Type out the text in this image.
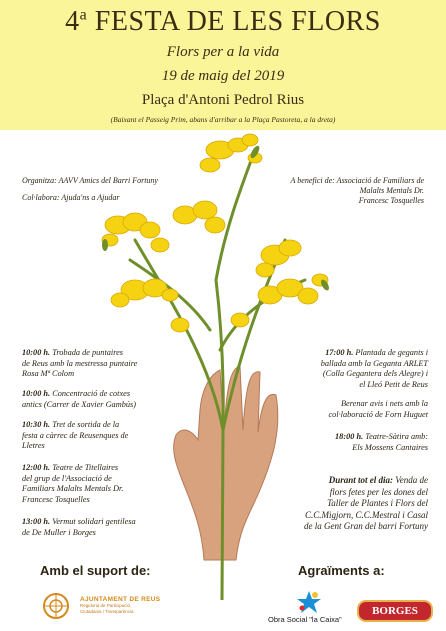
4$^a$ FESTA DE LES FLORS
Flors per a la vida
19 de maig del 2019
Plaça d'Antoni Pedrol Rius
(Baixant el Passeig Prim, abans d'arribar a la Plaça Pastoreta, a la dreta)
Organitza: AAVV Amics del Barri Fortuny
Col·labora: Ajuda'ns a Ajudar
A benefici de: Associació de Familiars de
Malalts Mentals Dr.
Francesc Tosquelles
10:00 h. Trobada de puntaires
de Reus amb la mestressa puntaire
Rosa Mª Colom
10:00 h. Concentració de cotxes
antics (Carrer de Xavier Gambús)
10:30 h. Tret de sortida de la
festa a càrrec de Reusenques de
Lletres
12:00 h. Teatre de Titellaires
del grup de l'Associació de
Familiars Malalts Mentals Dr.
Francesc Tosquelles
13:00 h. Vermut solidari gentilesa
de De Muller i Borges
17:00 h. Plantada de gegants i
ballada amb la Geganta ARLET
(Colla Gegantera dels Alegre) i
el Lleó Petit de Reus
Berenar avis i nets amb la
col·laboració de Forn Huguet
18:00 h. Teatre-Sàtira amb:
Els Mossens Cantaires
Durant tot el dia: Venda de
flors fetes per les dones del
Taller de Plantes i Flors del
C.C.Migjorn, C.C.Mestral i Casal
de la Gent Gran del barri Fortuny
Amb el suport de:	Agraïments a:
AJUNTAMENT DE REUS
Regidoria de Participació,
Ciutadania i Transparència
Obra Social "la Caixa"
BORGES
